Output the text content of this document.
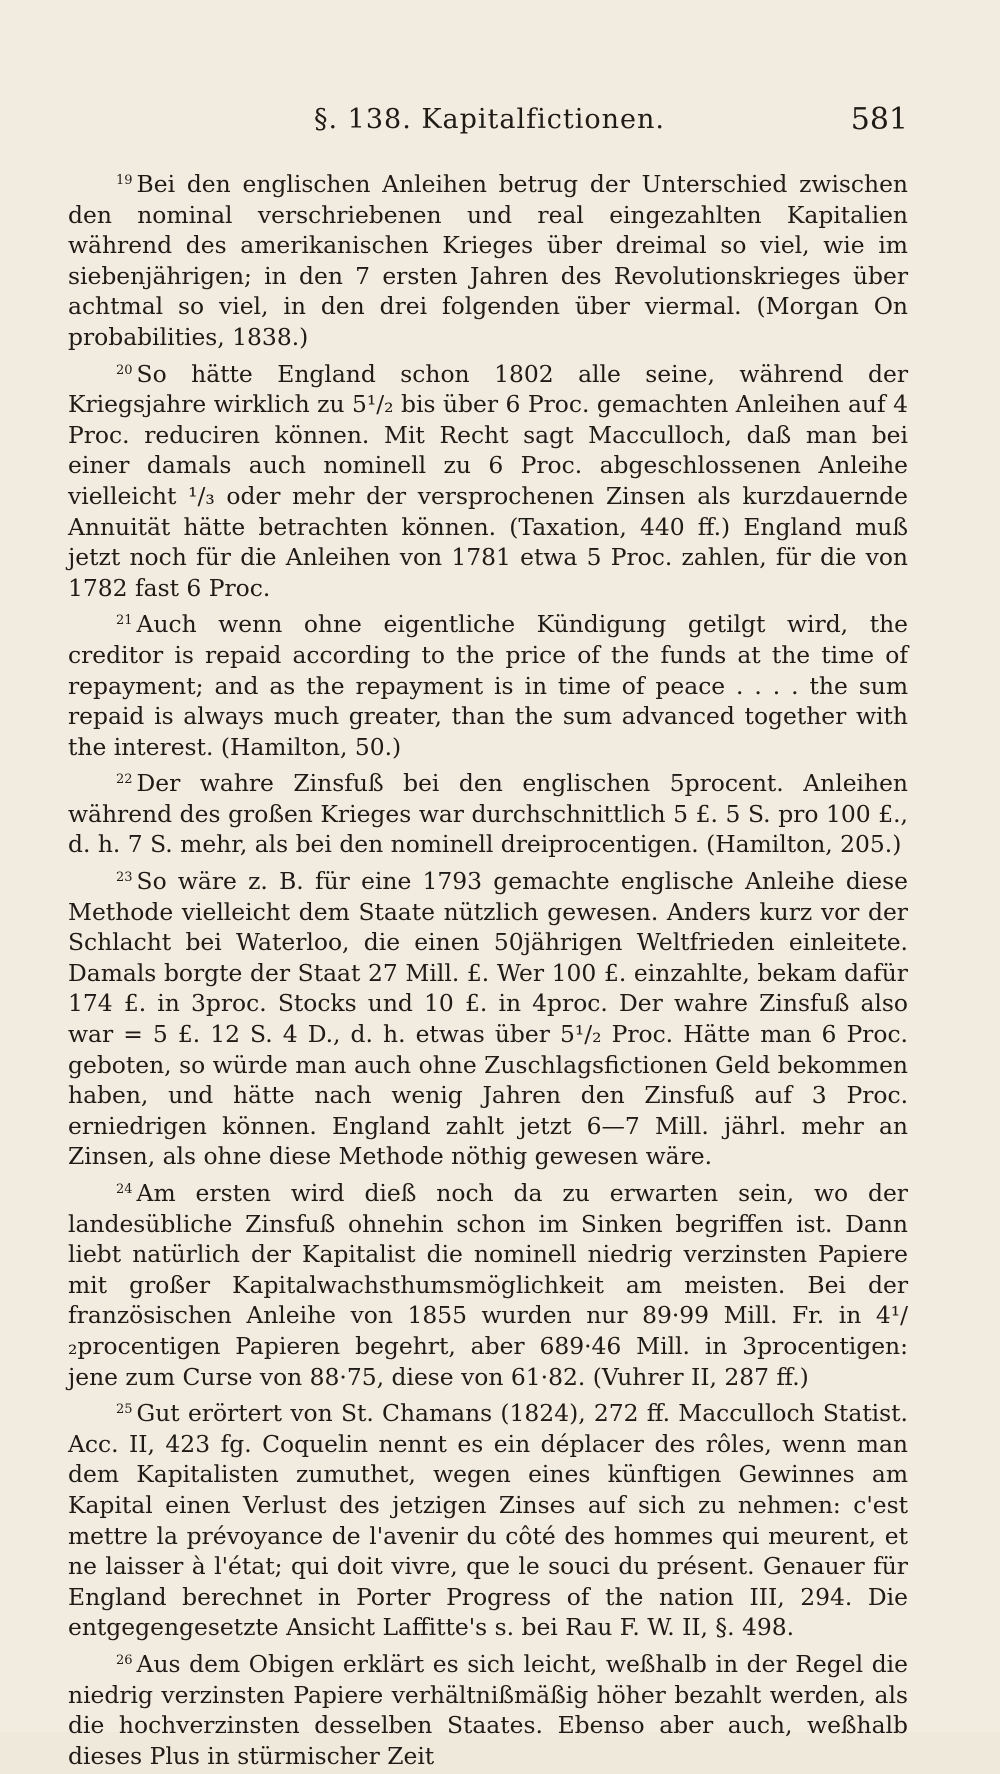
§. 138. Kapitalfictionen.	581

$^{19}$ Bei den englischen Anleihen betrug der Unterschied zwischen den nominal verschriebenen und real eingezahlten Kapitalien während des amerikanischen Krieges über dreimal so viel, wie im siebenjährigen; in den 7 ersten Jahren des Revolutionskrieges über achtmal so viel, in den drei folgenden über viermal. (Morgan On probabilities, 1838.)

$^{20}$ So hätte England schon 1802 alle seine, während der Kriegsjahre wirklich zu 5¹/₂ bis über 6 Proc. gemachten Anleihen auf 4 Proc. reduciren können. Mit Recht sagt Macculloch, daß man bei einer damals auch nominell zu 6 Proc. abgeschlossenen Anleihe vielleicht ¹/₃ oder mehr der versprochenen Zinsen als kurzdauernde Annuität hätte betrachten können. (Taxation, 440 ff.) England muß jetzt noch für die Anleihen von 1781 etwa 5 Proc. zahlen, für die von 1782 fast 6 Proc.

$^{21}$ Auch wenn ohne eigentliche Kündigung getilgt wird, the creditor is repaid according to the price of the funds at the time of repayment; and as the repayment is in time of peace . . . . the sum repaid is always much greater, than the sum advanced together with the interest. (Hamilton, 50.)

$^{22}$ Der wahre Zinsfuß bei den englischen 5procent. Anleihen während des großen Krieges war durchschnittlich 5 £. 5 S. pro 100 £., d. h. 7 S. mehr, als bei den nominell dreiprocentigen. (Hamilton, 205.)

$^{23}$ So wäre z. B. für eine 1793 gemachte englische Anleihe diese Methode vielleicht dem Staate nützlich gewesen. Anders kurz vor der Schlacht bei Waterloo, die einen 50jährigen Weltfrieden einleitete. Damals borgte der Staat 27 Mill. £. Wer 100 £. einzahlte, bekam dafür 174 £. in 3proc. Stocks und 10 £. in 4proc. Der wahre Zinsfuß also war = 5 £. 12 S. 4 D., d. h. etwas über 5¹/₂ Proc. Hätte man 6 Proc. geboten, so würde man auch ohne Zuschlagsfictionen Geld bekommen haben, und hätte nach wenig Jahren den Zinsfuß auf 3 Proc. erniedrigen können. England zahlt jetzt 6—7 Mill. jährl. mehr an Zinsen, als ohne diese Methode nöthig gewesen wäre.

$^{24}$ Am ersten wird dieß noch da zu erwarten sein, wo der landesübliche Zinsfuß ohnehin schon im Sinken begriffen ist. Dann liebt natürlich der Kapitalist die nominell niedrig verzinsten Papiere mit großer Kapitalwachsthumsmöglichkeit am meisten. Bei der französischen Anleihe von 1855 wurden nur 89·99 Mill. Fr. in 4¹/₂procentigen Papieren begehrt, aber 689·46 Mill. in 3procentigen: jene zum Curse von 88·75, diese von 61·82. (Vuhrer II, 287 ff.)

$^{25}$ Gut erörtert von St. Chamans (1824), 272 ff. Macculloch Statist. Acc. II, 423 fg. Coquelin nennt es ein déplacer des rôles, wenn man dem Kapitalisten zumuthet, wegen eines künftigen Gewinnes am Kapital einen Verlust des jetzigen Zinses auf sich zu nehmen: c'est mettre la prévoyance de l'avenir du côté des hommes qui meurent, et ne laisser à l'état; qui doit vivre, que le souci du présent. Genauer für England berechnet in Porter Progress of the nation III, 294. Die entgegengesetzte Ansicht Laffitte's s. bei Rau F. W. II, §. 498.

$^{26}$ Aus dem Obigen erklärt es sich leicht, weßhalb in der Regel die niedrig verzinsten Papiere verhältnißmäßig höher bezahlt werden, als die hochverzinsten desselben Staates. Ebenso aber auch, weßhalb dieses Plus in stürmischer Zeit
